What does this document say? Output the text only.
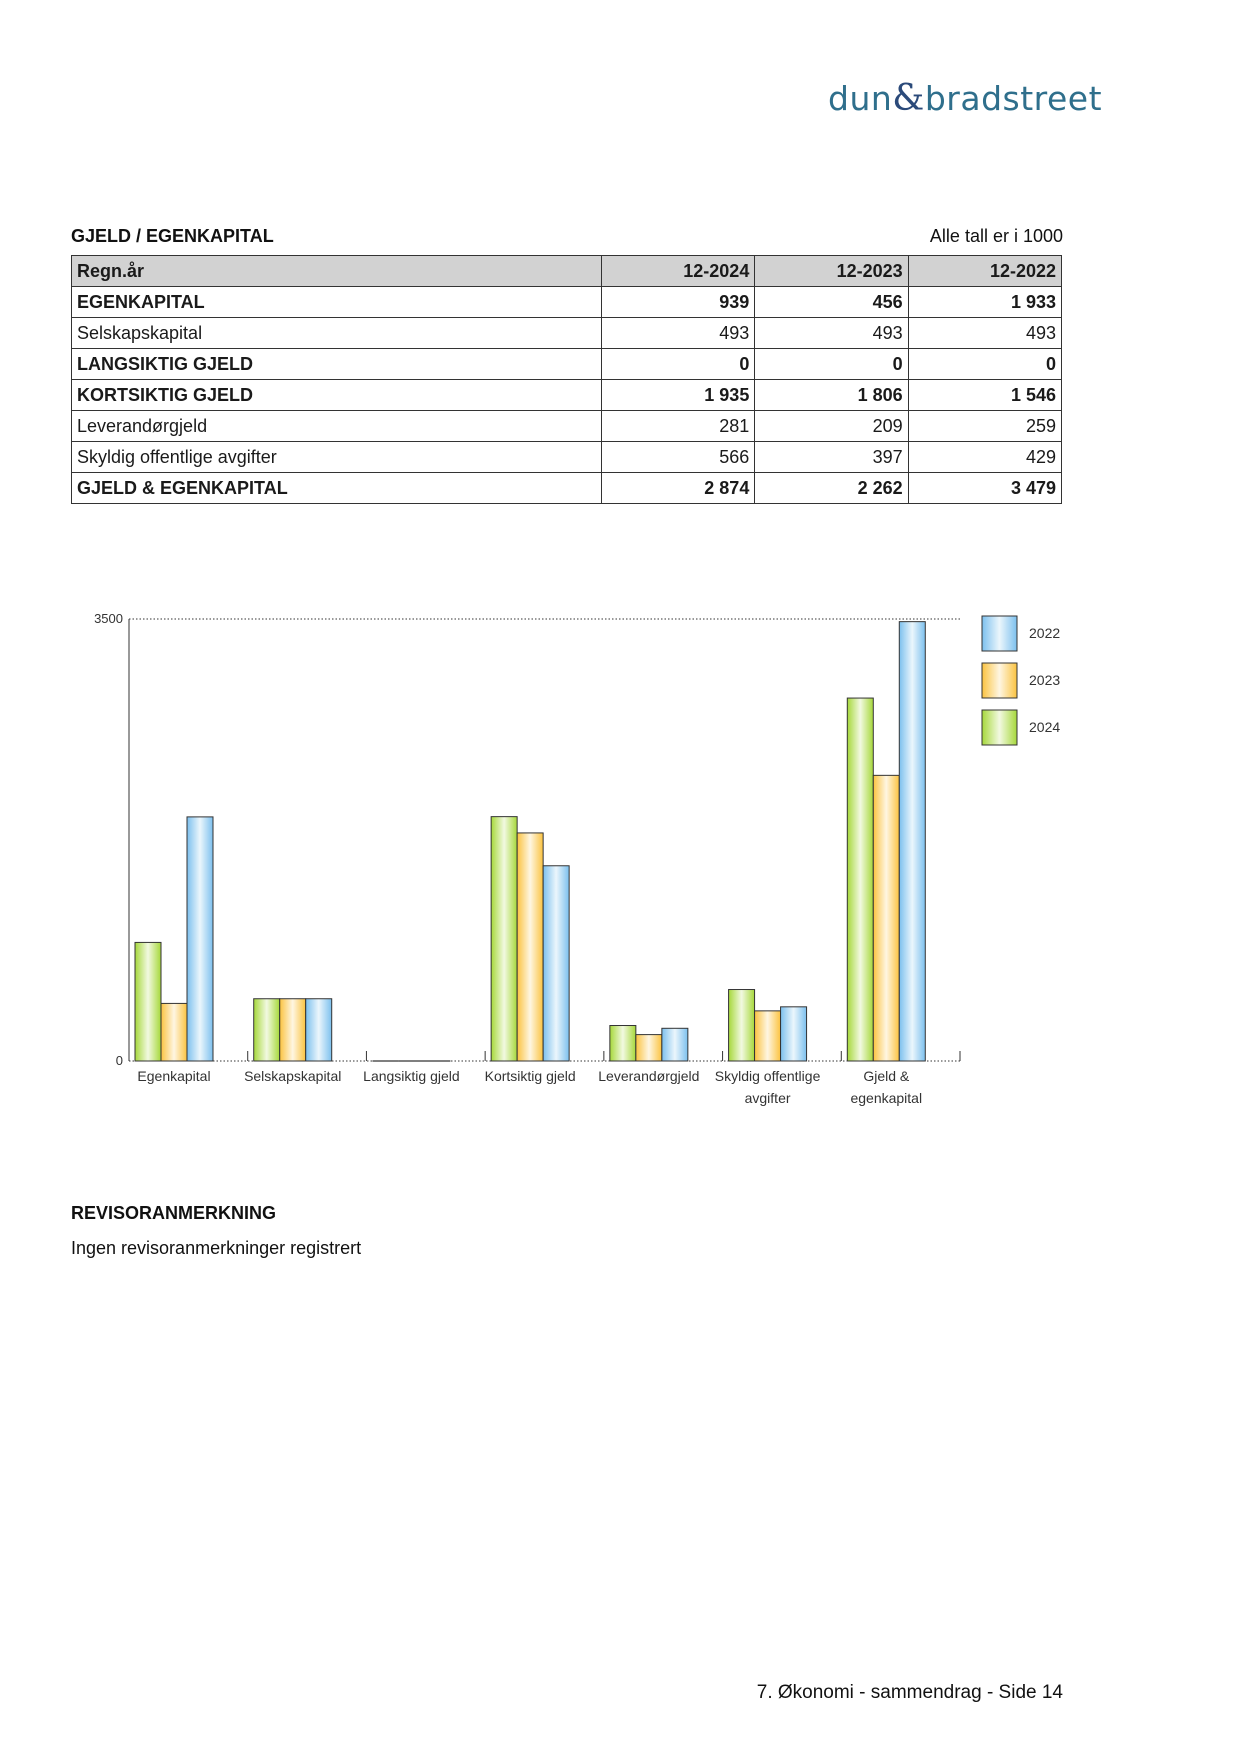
dun&bradstreet
GJELD / EGENKAPITAL	Alle tall er i 1000
Regn.år	12-2024	12-2023	12-2022
EGENKAPITAL	939	456	1 933
Selskapskapital	493	493	493
LANGSIKTIG GJELD	0	0	0
KORTSIKTIG GJELD	1 935	1 806	1 546
Leverandørgjeld	281	209	259
Skyldig offentlige avgifter	566	397	429
GJELD & EGENKAPITAL	2 874	2 262	3 479
0
3500
Egenkapital Selskapskapital Langsiktig gjeld Kortsiktig gjeld Leverandørgjeld Skyldig offentlige
avgifter
Gjeld &
egenkapital
2022
2023
2024
REVISORANMERKNING
Ingen revisoranmerkninger registrert
7. Økonomi - sammendrag - Side 14
